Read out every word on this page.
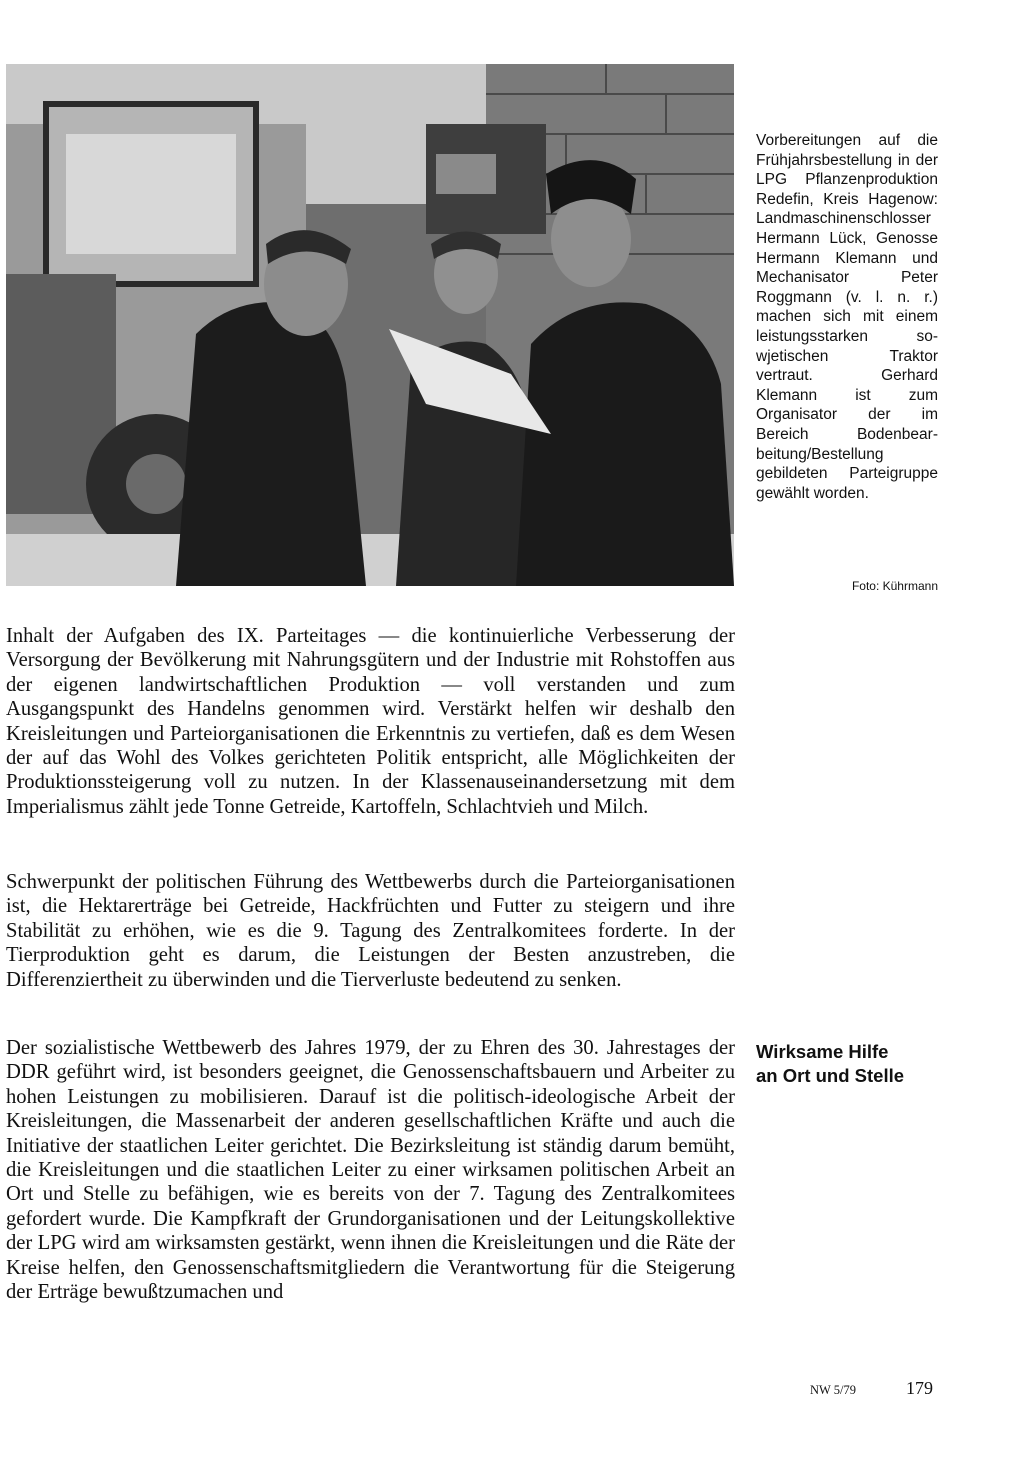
Vorbereitungen auf die Frühjahrsbestellung in der LPG Pflanzenproduktion Redefin, Kreis Hagenow: Landmaschinenschlosser Hermann Lück, Genosse Hermann Klemann und Mechanisator Peter Roggmann (v. l. n. r.) machen sich mit einem leistungsstarken sowjetischen Traktor vertraut. Gerhard Klemann ist zum Organisator der im Bereich Bodenbearbeitung/Bestellung gebildeten Parteigruppe gewählt worden.
Foto: Kührmann
Inhalt der Aufgaben des IX. Parteitages — die kontinuierliche Verbesserung der Versorgung der Bevölkerung mit Nahrungsgütern und der Industrie mit Rohstoffen aus der eigenen landwirtschaftlichen Produktion — voll verstanden und zum Ausgangspunkt des Handelns genommen wird. Verstärkt helfen wir deshalb den Kreisleitungen und Parteiorganisationen die Erkenntnis zu vertiefen, daß es dem Wesen der auf das Wohl des Volkes gerichteten Politik entspricht, alle Möglichkeiten der Produktionssteigerung voll zu nutzen. In der Klassenauseinandersetzung mit dem Imperialismus zählt jede Tonne Getreide, Kartoffeln, Schlachtvieh und Milch.
Schwerpunkt der politischen Führung des Wettbewerbs durch die Parteiorganisationen ist, die Hektarerträge bei Getreide, Hackfrüchten und Futter zu steigern und ihre Stabilität zu erhöhen, wie es die 9. Tagung des Zentralkomitees forderte. In der Tierproduktion geht es darum, die Leistungen der Besten anzustreben, die Differenziertheit zu überwinden und die Tierverluste bedeutend zu senken.
Der sozialistische Wettbewerb des Jahres 1979, der zu Ehren des 30. Jahrestages der DDR geführt wird, ist besonders geeignet, die Genossenschaftsbauern und Arbeiter zu hohen Leistungen zu mobilisieren. Darauf ist die politisch-ideologische Arbeit der Kreisleitungen, die Massenarbeit der anderen gesellschaftlichen Kräfte und auch die Initiative der staatlichen Leiter gerichtet. Die Bezirksleitung ist ständig darum bemüht, die Kreisleitungen und die staatlichen Leiter zu einer wirksamen politischen Arbeit an Ort und Stelle zu befähigen, wie es bereits von der 7. Tagung des Zentralkomitees gefordert wurde. Die Kampfkraft der Grundorganisationen und der Leitungskollektive der LPG wird am wirksamsten gestärkt, wenn ihnen die Kreisleitungen und die Räte der Kreise helfen, den Genossenschaftsmitgliedern die Verantwortung für die Steigerung der Erträge bewußtzumachen und
Wirksame Hilfe
an Ort und Stelle
NW 5/79	179
